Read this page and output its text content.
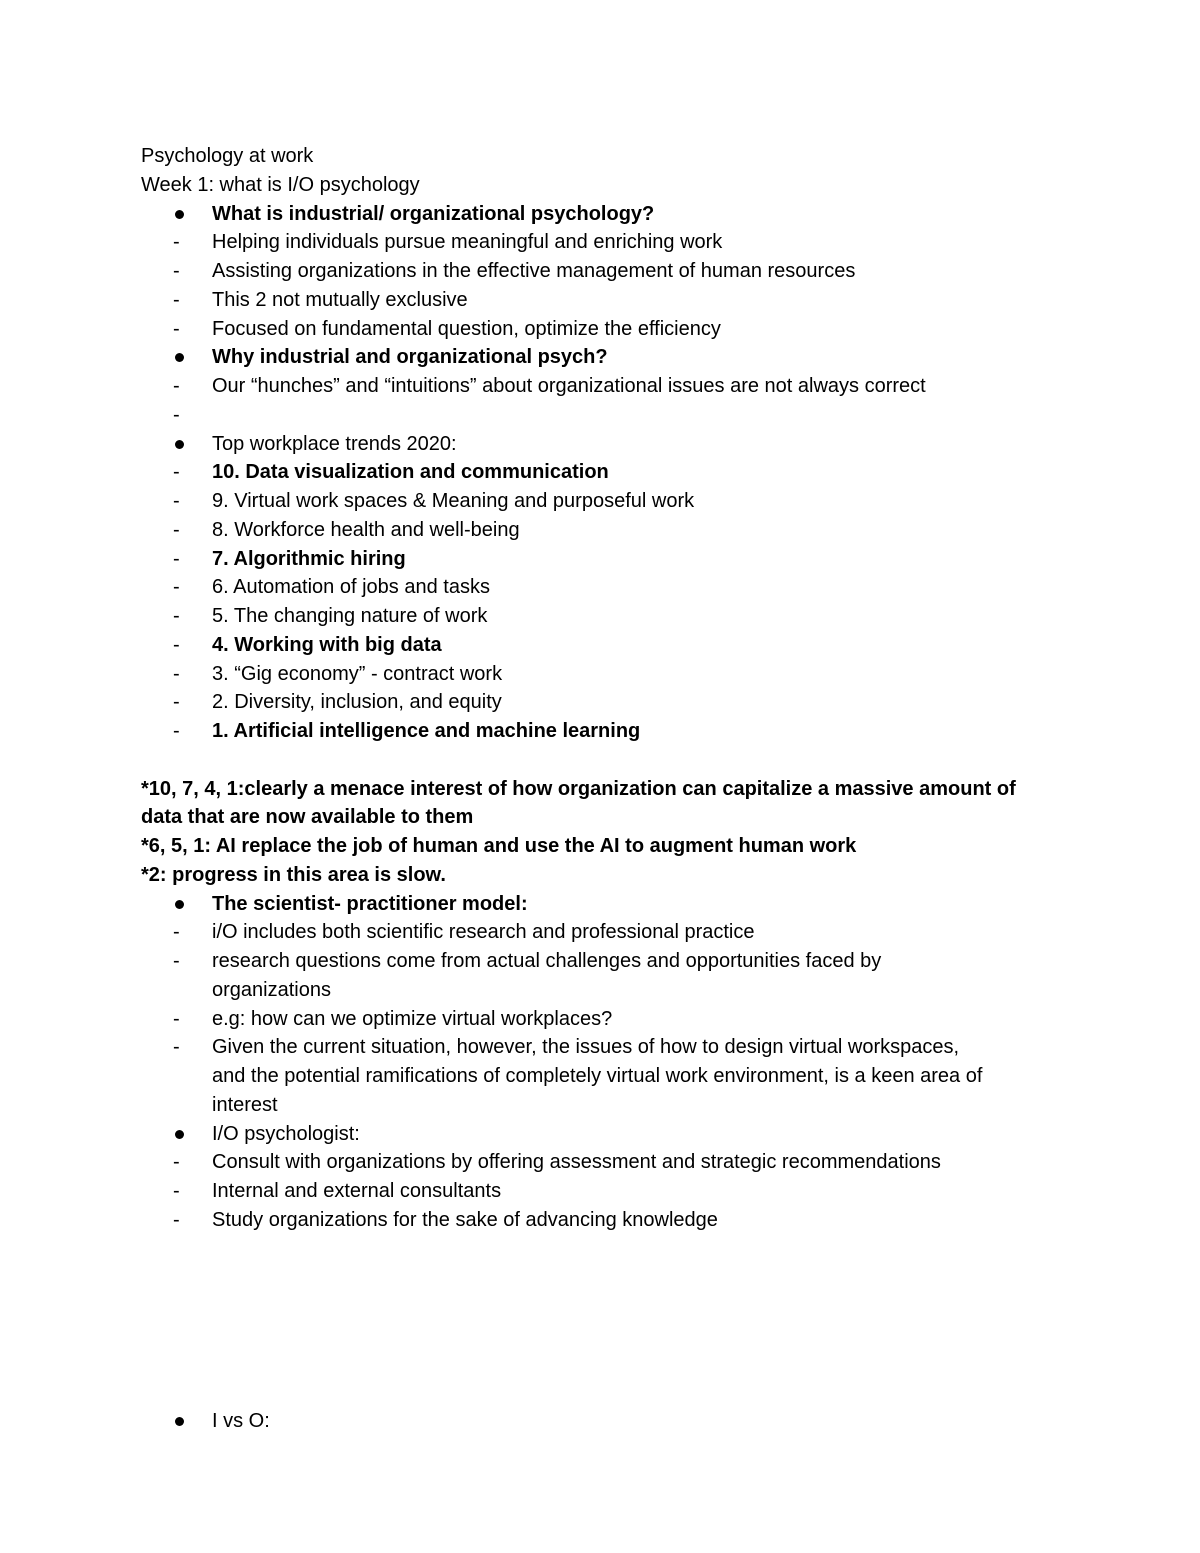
Psychology at work
Week 1: what is I/O psychology
What is industrial/ organizational psychology?
-	Helping individuals pursue meaningful and enriching work
-	Assisting organizations in the effective management of human resources
-	This 2 not mutually exclusive
-	Focused on fundamental question, optimize the efficiency
Why industrial and organizational psych?
-	Our “hunches” and “intuitions” about organizational issues are not always correct
-
Top workplace trends 2020:
-	10. Data visualization and communication
-	9. Virtual work spaces & Meaning and purposeful work
-	8. Workforce health and well-being
-	7. Algorithmic hiring
-	6. Automation of jobs and tasks
-	5. The changing nature of work
-	4. Working with big data
-	3. “Gig economy” - contract work
-	2. Diversity, inclusion, and equity
-	1. Artificial intelligence and machine learning
*10, 7, 4, 1:clearly a menace interest of how organization can capitalize a massive amount of
data that are now available to them
*6, 5, 1: AI replace the job of human and use the AI to augment human work
*2: progress in this area is slow.
The scientist- practitioner model:
-	i/O includes both scientific research and professional practice
-	research questions come from actual challenges and opportunities faced by
organizations
-	e.g: how can we optimize virtual workplaces?
-	Given the current situation, however, the issues of how to design virtual workspaces,
and the potential ramifications of completely virtual work environment, is a keen area of
interest
I/O psychologist:
-	Consult with organizations by offering assessment and strategic recommendations
-	Internal and external consultants
-	Study organizations for the sake of advancing knowledge
I vs O:
